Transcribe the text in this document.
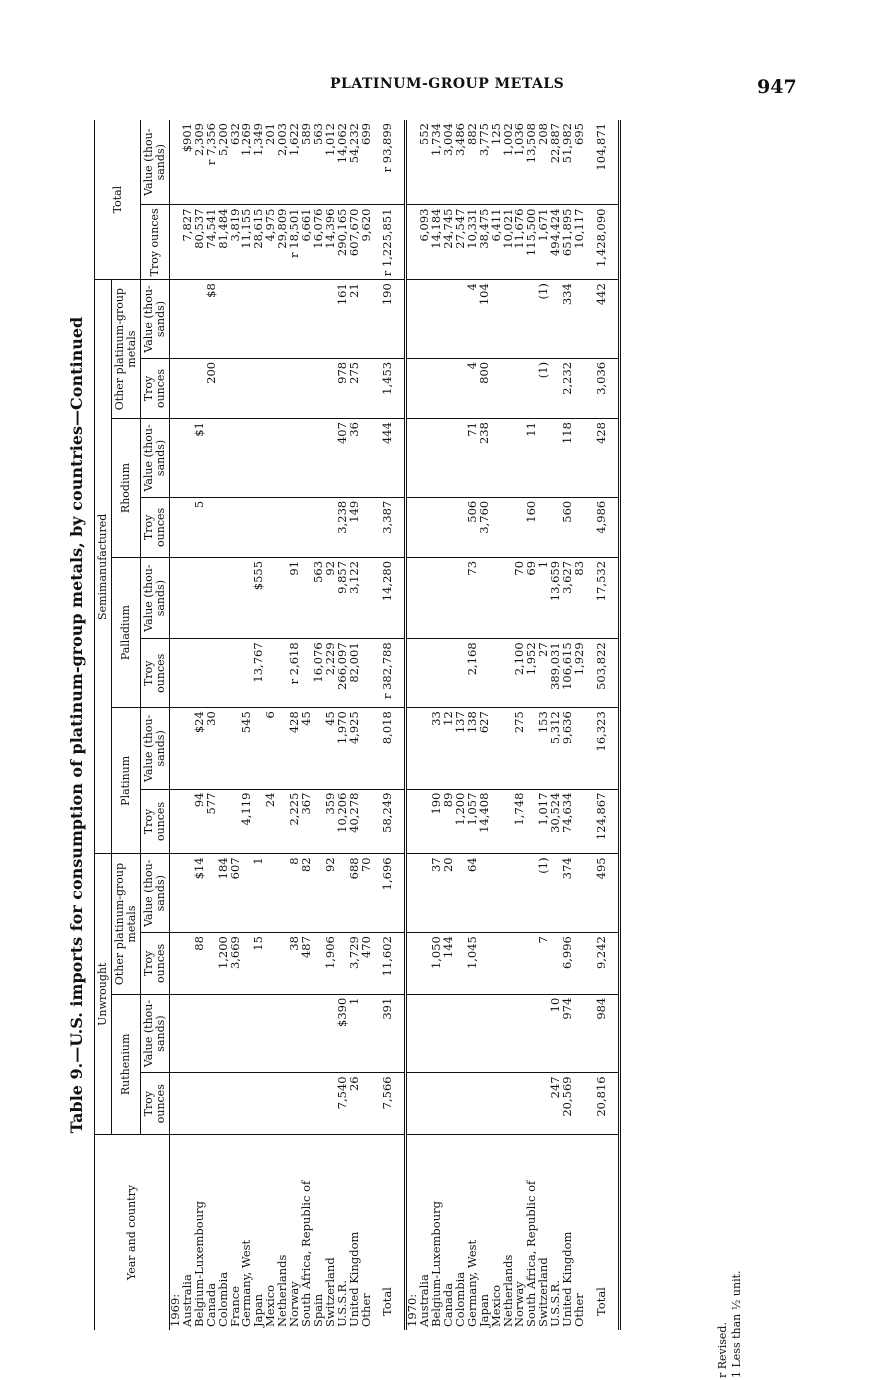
PLATINUM-GROUP METALS	947
Table 9.—U.S. imports for consumption of platinum-group metals, by countries—Continued
Year and country	Unwrought				Semimanufactured								Total	
	Ruthenium		Other platinum-group metals		Platinum		Palladium		Rhodium		Other platinum-group metals			
	Troy ounces	Value (thou-sands)	Troy ounces	Value (thou-sands)	Troy ounces	Value (thou-sands)	Troy ounces	Value (thou-sands)	Troy ounces	Value (thou-sands)	Troy ounces	Value (thou-sands)	Troy ounces	Value (thou-sands)
1969:														
Australia													7,827	$901
Belgium-Luxembourg			88	$14	94	$24			5	$1			80,537	2,309
Canada					577	30					200	$8	74,541	r 7,356
Colombia			1,200	184									81,484	5,200
France			3,669	607									3,819	632
Germany, West					4,119	545							11,155	1,269
Japan			15	1			13,767	$555					28,615	1,349
Mexico					24	6							4,975	201
Netherlands													29,809	2,003
Norway			38	8	2,225	428	r 2,618	91					r 18,501	1,622
South Africa, Republic of			487	82	367	45							6,661	589
Spain							16,076	563					16,076	563
Switzerland			1,906	92	359	45	2,229	92					14,396	1,012
U.S.S.R.	7,540	$390			10,206	1,970	266,097	9,857	3,238	407	978	161	290,165	14,062
United Kingdom	26	1	3,729	688	40,278	4,925	82,001	3,122	149	36	275	21	607,670	54,232
Other			470	70									9,620	699
Total	7,566	391	11,602	1,696	58,249	8,018	r 382,788	14,280	3,387	444	1,453	190	r 1,225,851	r 93,899
1970:														
Australia													6,093	552
Belgium-Luxembourg			1,050	37	190	33							14,184	1,734
Canada			144	20	89	12							24,745	3,004
Colombia					1,200	137							27,547	3,486
Germany, West			1,045	64	1,057	138	2,168	73	506	71	4	4	10,331	882
Japan					14,408	627			3,760	238	800	104	38,475	3,775
Mexico													6,411	125
Netherlands													10,021	1,002
Norway					1,748	275	2,100	70					11,676	1,036
South Africa, Republic of							1,952	69	160	11			115,500	13,508
Switzerland			7	(1)	1,017	153	27	1			(1)	(1)	1,671	208
U.S.S.R.	247	10			30,524	5,312	389,031	13,659					494,424	22,887
United Kingdom	20,569	974	6,996	374	74,634	9,636	106,615	3,627	560	118	2,232	334	651,895	51,982
Other							1,929	83					10,117	695
Total	20,816	984	9,242	495	124,867	16,323	503,822	17,532	4,986	428	3,036	442	1,428,090	104,871
r Revised. 1 Less than ½ unit.
